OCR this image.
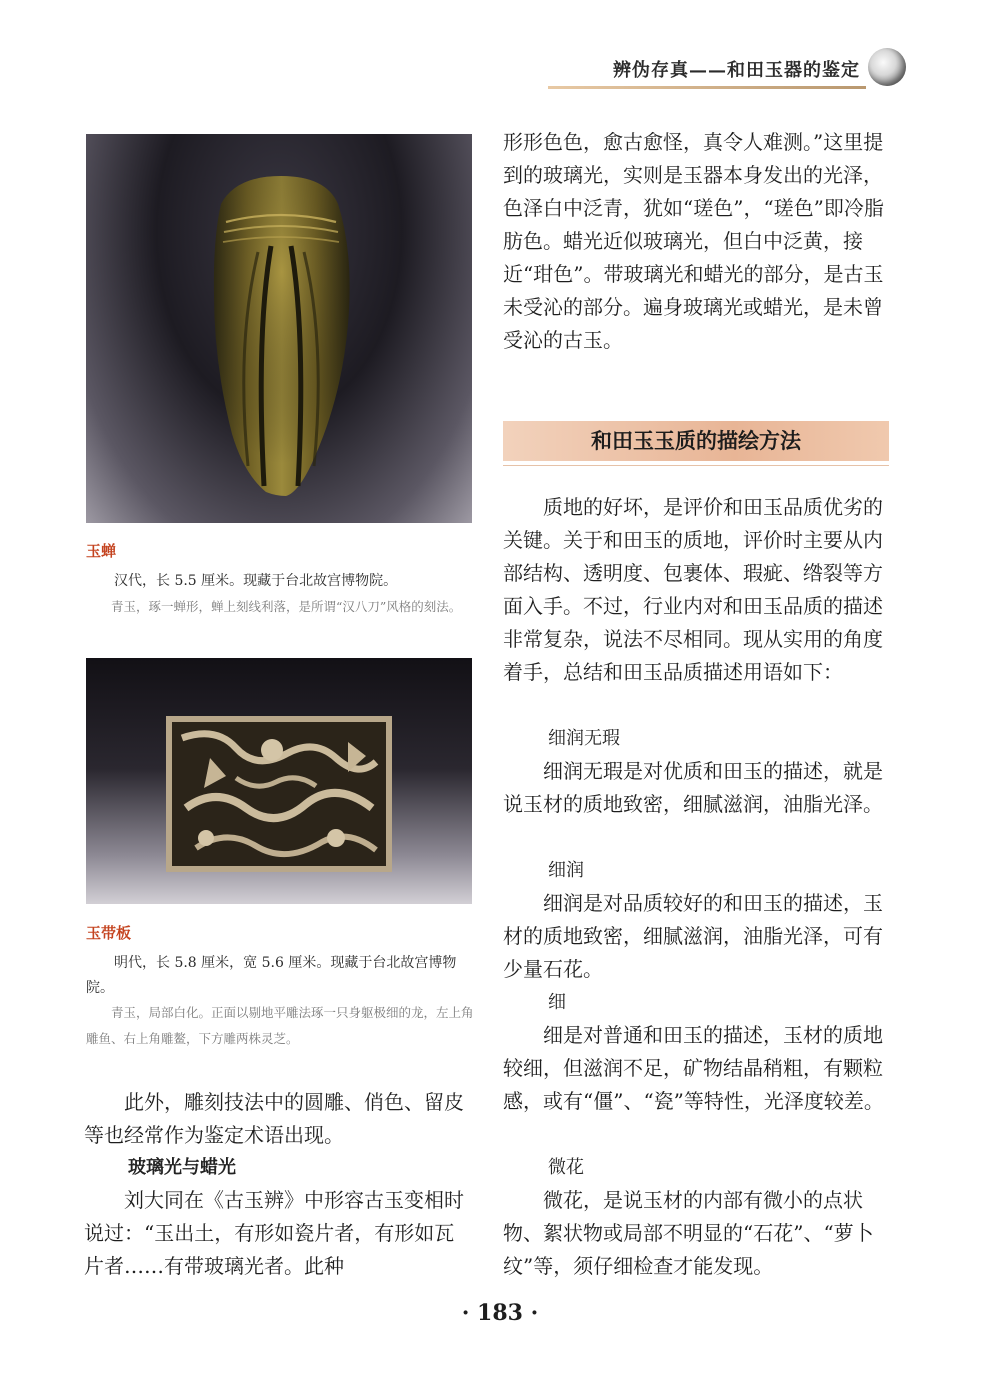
辨伪存真——和田玉器的鉴定
玉蝉
汉代，长 5.5 厘米。现藏于台北故宫博物院。
青玉，琢一蝉形，蝉上刻线利落，是所谓“汉八刀”风格的刻法。
玉带板
明代，长 5.8 厘米，宽 5.6 厘米。现藏于台北故宫博物院。
青玉，局部白化。正面以剔地平雕法琢一只身躯极细的龙，左上角雕鱼、右上角雕鳌，下方雕两株灵芝。
此外，雕刻技法中的圆雕、俏色、留皮等也经常作为鉴定术语出现。
玻璃光与蜡光
刘大同在《古玉辨》中形容古玉变相时说过：“玉出土，有形如瓷片者，有形如瓦片者……有带玻璃光者。此种
形形色色，愈古愈怪，真令人难测。”这里提到的玻璃光，实则是玉器本身发出的光泽，色泽白中泛青，犹如“瑳色”，“瑳色”即冷脂肪色。蜡光近似玻璃光，但白中泛黄，接近“玵色”。带玻璃光和蜡光的部分，是古玉未受沁的部分。遍身玻璃光或蜡光，是未曾受沁的古玉。
和田玉玉质的描绘方法
质地的好坏，是评价和田玉品质优劣的关键。关于和田玉的质地，评价时主要从内部结构、透明度、包裹体、瑕疵、绺裂等方面入手。不过，行业内对和田玉品质的描述非常复杂，说法不尽相同。现从实用的角度着手，总结和田玉品质描述用语如下：
细润无瑕
细润无瑕是对优质和田玉的描述，就是说玉材的质地致密，细腻滋润，油脂光泽。
细润
细润是对品质较好的和田玉的描述，玉材的质地致密，细腻滋润，油脂光泽，可有少量石花。
细
细是对普通和田玉的描述，玉材的质地较细，但滋润不足，矿物结晶稍粗，有颗粒感，或有“僵”、“瓷”等特性，光泽度较差。
微花
微花，是说玉材的内部有微小的点状物、絮状物或局部不明显的“石花”、“萝卜纹”等，须仔细检查才能发现。
· 183 ·
